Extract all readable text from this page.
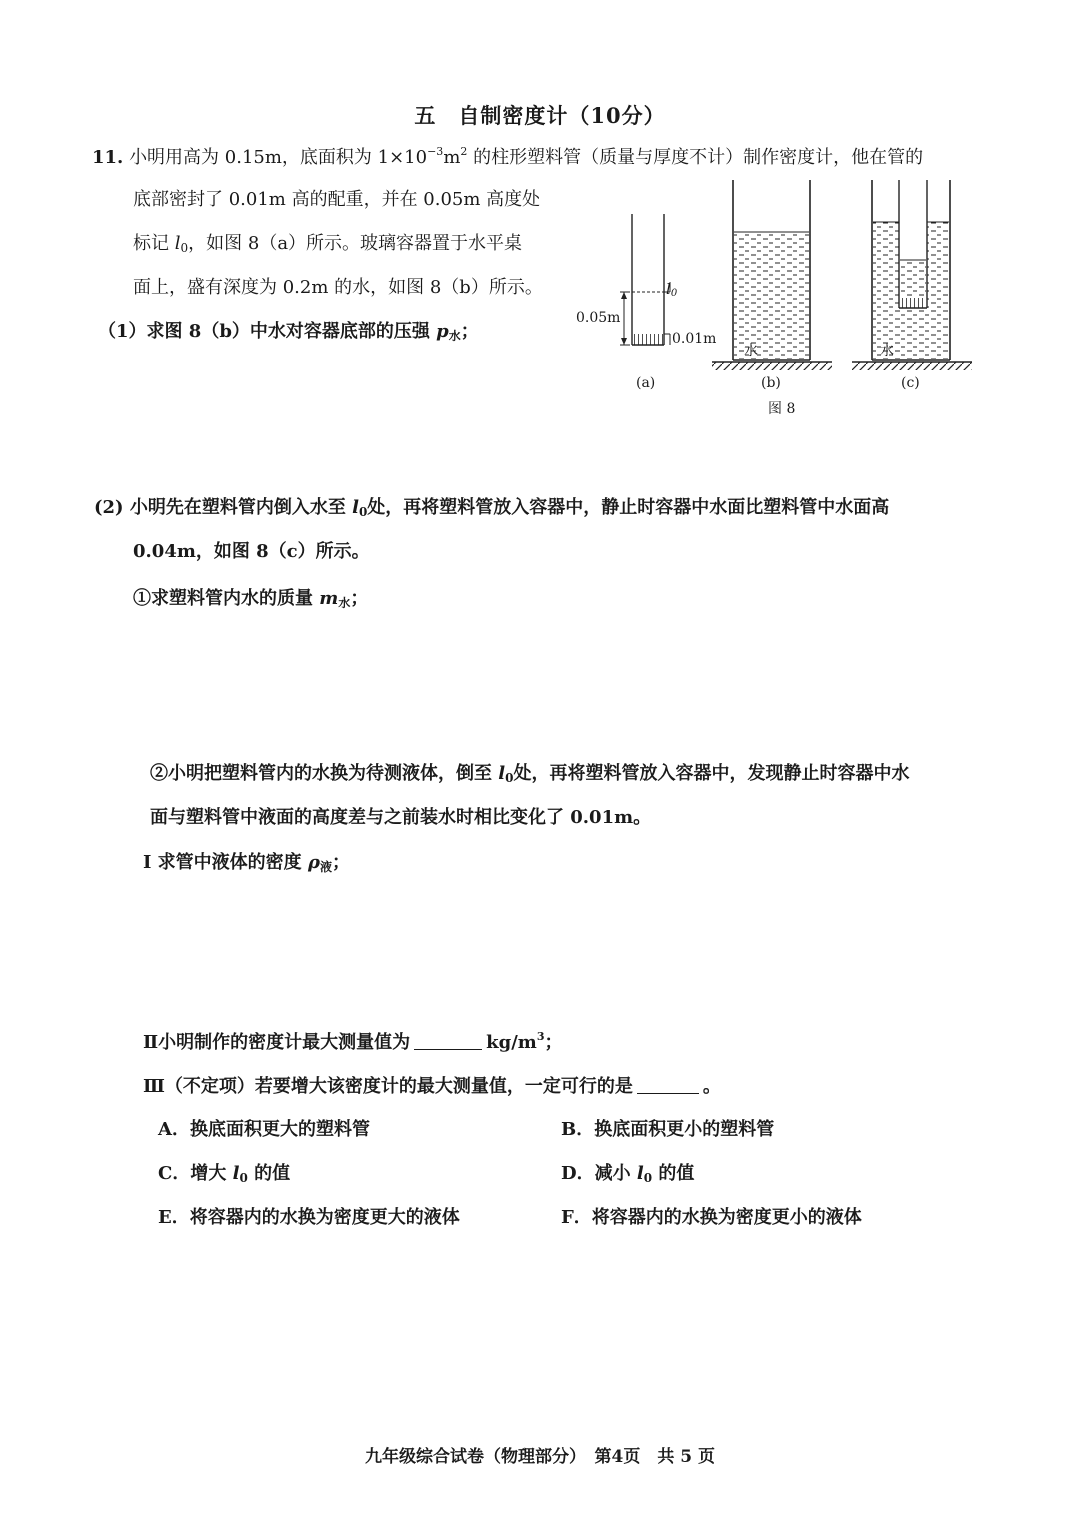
五　自制密度计（10分）
11. 小明用高为 0.15m，底面积为 $1\times 10^{-3}m^2$ 的柱形塑料管（质量与厚度不计）制作密度计，他在管的
底部密封了 0.01m 高的配重，并在 0.05m 高度处
标记 $l_0$，如图 8（a）所示。玻璃容器置于水平桌
面上，盛有深度为 0.2m 的水，如图 8（b）所示。
（1）求图 8（b）中水对容器底部的压强 $p_水$；
l0
0.05m
0.01m
水	水
(a)	(b)	(c)
图 8
(2) 小明先在塑料管内倒入水至 $l_0$处，再将塑料管放入容器中，静止时容器中水面比塑料管中水面高
0.04m，如图 8（c）所示。
①求塑料管内水的质量 $m_水$；
②小明把塑料管内的水换为待测液体，倒至 $l_0$处，再将塑料管放入容器中，发现静止时容器中水
面与塑料管中液面的高度差与之前装水时相比变化了 0.01m。
Ⅰ 求管中液体的密度 $\rho_液$；
Ⅱ小明制作的密度计最大测量值为	$kg/m^3$；
Ⅲ（不定项）若要增大该密度计的最大测量值，一定可行的是	。
A．换底面积更大的塑料管	B．换底面积更小的塑料管
C．增大 $l_0$ 的值	D．减小 $l_0$ 的值
E．将容器内的水换为密度更大的液体	F．将容器内的水换为密度更小的液体
九年级综合试卷（物理部分）　第4页　共 5 页
